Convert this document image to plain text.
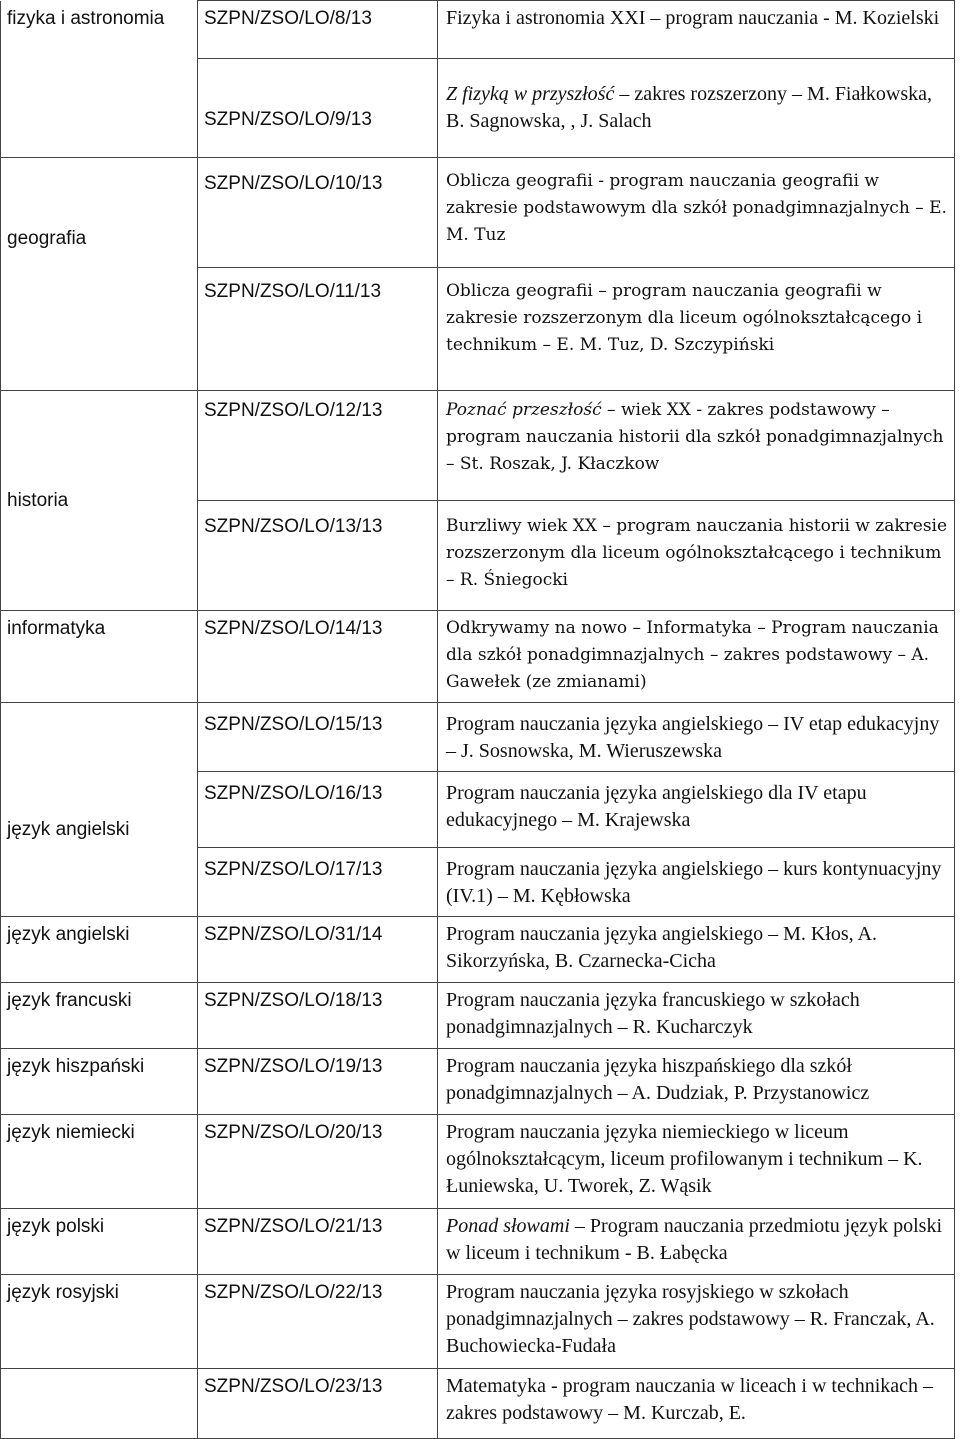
fizyka i astronomia	SZPN/ZSO/LO/8/13	Fizyka i astronomia XXI – program nauczania - M. Kozielski
	SZPN/ZSO/LO/9/13	Z fizyką w przyszłość – zakres rozszerzony – M. Fiałkowska, B. Sagnowska, , J. Salach
geografia	SZPN/ZSO/LO/10/13	Oblicza geografii - program nauczania geografii w zakresie podstawowym dla szkół ponadgimnazjalnych – E. M. Tuz
	SZPN/ZSO/LO/11/13	Oblicza geografii – program nauczania geografii w zakresie rozszerzonym dla liceum ogólnokształcącego i technikum – E. M. Tuz, D. Szczypiński
historia	SZPN/ZSO/LO/12/13	Poznać przeszłość – wiek XX - zakres podstawowy – program nauczania historii dla szkół ponadgimnazjalnych – St. Roszak, J. Kłaczkow
	SZPN/ZSO/LO/13/13	Burzliwy wiek XX – program nauczania historii w zakresie rozszerzonym dla liceum ogólnokształcącego i technikum – R. Śniegocki
informatyka	SZPN/ZSO/LO/14/13	Odkrywamy na nowo – Informatyka – Program nauczania dla szkół ponadgimnazjalnych – zakres podstawowy – A. Gawełek (ze zmianami)
język angielski	SZPN/ZSO/LO/15/13	Program nauczania języka angielskiego – IV etap edukacyjny – J. Sosnowska, M. Wieruszewska
	SZPN/ZSO/LO/16/13	Program nauczania języka angielskiego dla IV etapu edukacyjnego – M. Krajewska
	SZPN/ZSO/LO/17/13	Program nauczania języka angielskiego – kurs kontynuacyjny (IV.1) – M. Kębłowska
język angielski	SZPN/ZSO/LO/31/14	Program nauczania języka angielskiego – M. Kłos, A. Sikorzyńska, B. Czarnecka-Cicha
język francuski	SZPN/ZSO/LO/18/13	Program nauczania języka francuskiego w szkołach ponadgimnazjalnych – R. Kucharczyk
język hiszpański	SZPN/ZSO/LO/19/13	Program nauczania języka hiszpańskiego dla szkół ponadgimnazjalnych – A. Dudziak, P. Przystanowicz
język niemiecki	SZPN/ZSO/LO/20/13	Program nauczania języka niemieckiego w liceum ogólnokształcącym, liceum profilowanym i technikum – K. Łuniewska, U. Tworek, Z. Wąsik
język polski	SZPN/ZSO/LO/21/13	Ponad słowami – Program nauczania przedmiotu język polski w liceum i technikum - B. Łabęcka
język rosyjski	SZPN/ZSO/LO/22/13	Program nauczania języka rosyjskiego w szkołach ponadgimnazjalnych – zakres podstawowy – R. Franczak, A. Buchowiecka-Fudała
	SZPN/ZSO/LO/23/13	Matematyka - program nauczania w liceach i w technikach – zakres podstawowy – M. Kurczab, E.
